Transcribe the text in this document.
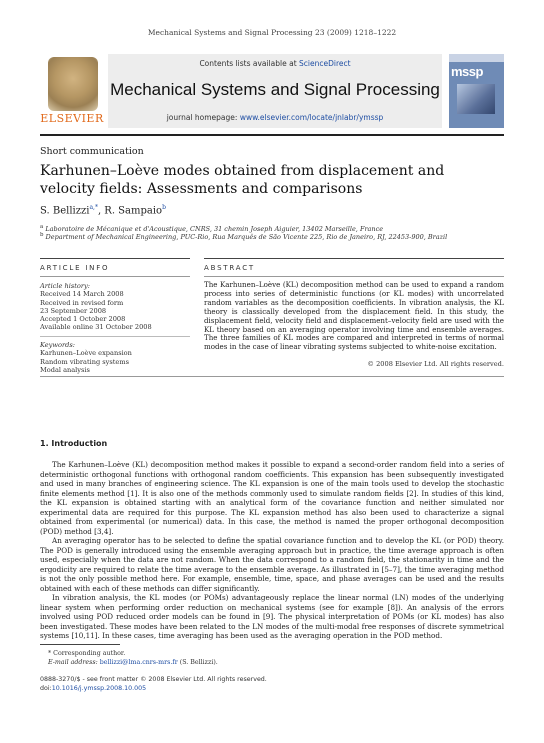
Mechanical Systems and Signal Processing 23 (2009) 1218–1222
ELSEVIER
Contents lists available at ScienceDirect
Mechanical Systems and Signal Processing
journal homepage: www.elsevier.com/locate/jnlabr/ymssp
mssp
Short communication
Karhunen–Loève modes obtained from displacement and velocity fields: Assessments and comparisons
S. Bellizzi$^{a,*}$, R. Sampaio$^b$
$^a$ Laboratoire de Mécanique et d'Acoustique, CNRS, 31 chemin Joseph Aiguier, 13402 Marseille, France
$^b$ Department of Mechanical Engineering, PUC-Rio, Rua Marquês de São Vicente 225, Rio de Janeiro, RJ, 22453-900, Brazil
ARTICLE INFO
Article history:
Received 14 March 2008
Received in revised form
23 September 2008
Accepted 1 October 2008
Available online 31 October 2008
Keywords:
Karhunen–Loève expansion
Random vibrating systems
Modal analysis
ABSTRACT
The Karhunen–Loève (KL) decomposition method can be used to expand a random process into series of deterministic functions (or KL modes) with uncorrelated random variables as the decomposition coefficients. In vibration analysis, the KL theory is classically developed from the displacement field. In this study, the displacement field, velocity field and displacement–velocity field are used with the KL theory based on an averaging operator involving time and ensemble averages. The three families of KL modes are compared and interpreted in terms of normal modes in the case of linear vibrating systems subjected to white-noise excitation.
© 2008 Elsevier Ltd. All rights reserved.
1. Introduction

The Karhunen–Loève (KL) decomposition method makes it possible to expand a second-order random field into a series of deterministic orthogonal functions with orthogonal random coefficients. This expansion has been subsequently investigated and used in many branches of engineering science. The KL expansion is one of the main tools used to develop the stochastic finite elements method [1]. It is also one of the methods commonly used to simulate random fields [2]. In studies of this kind, the KL expansion is obtained starting with an analytical form of the covariance function and neither simulated nor experimental data are required for this purpose. The KL expansion method has also been used to characterize a signal obtained from experimental (or numerical) data. In this case, the method is named the proper orthogonal decomposition (POD) method [3,4].

An averaging operator has to be selected to define the spatial covariance function and to develop the KL (or POD) theory. The POD is generally introduced using the ensemble averaging approach but in practice, the time average approach is often used, especially when the data are not random. When the data correspond to a random field, the stationarity in time and the ergodicity are required to relate the time average to the ensemble average. As illustrated in [5–7], the time averaging method is not the only possible method here. For example, ensemble, time, space, and phase averages can be used and the results obtained with each of these methods can differ significantly.

In vibration analysis, the KL modes (or POMs) advantageously replace the linear normal (LN) modes of the underlying linear system when performing order reduction on mechanical systems (see for example [8]). An analysis of the errors involved using POD reduced order models can be found in [9]. The physical interpretation of POMs (or KL modes) has also been investigated. These modes have been related to the LN modes of the multi-modal free responses of discrete symmetrical systems [10,11]. In these cases, time averaging has been used as the averaging operation in the POD method.

* Corresponding author.
E-mail address: bellizzi@lma.cnrs-mrs.fr (S. Bellizzi).
0888-3270/$ - see front matter © 2008 Elsevier Ltd. All rights reserved.
doi:10.1016/j.ymssp.2008.10.005
